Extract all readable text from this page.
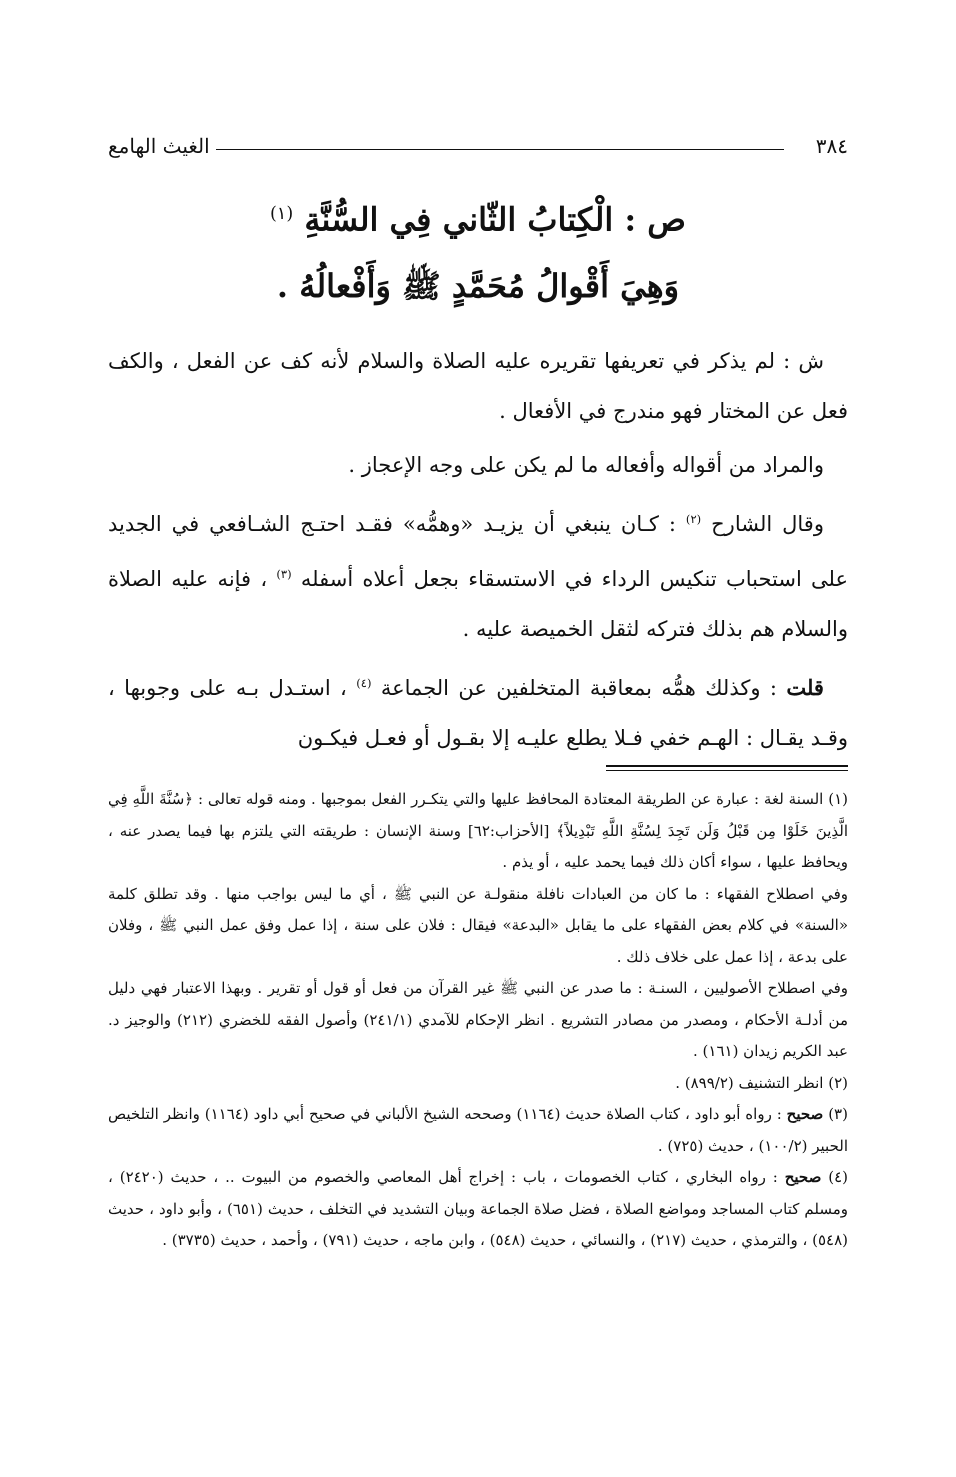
٣٨٤
الغيث الهامع
ص : الْكِتابُ الثّاني فِي السُّنَّةِ $^{(١)}$
وَهِيَ أَقْوالُ مُحَمَّدٍ ﷺ وَأَفْعالُهُ .

ش : لم يذكر في تعريفها تقريره عليه الصلاة والسلام لأنه كف عن الفعل ، والكف فعل عن المختار فهو مندرج في الأفعال .

والمراد من أقواله وأفعاله ما لم يكن على وجه الإعجاز .

وقال الشارح $^{(٢)}$ : كـان ينبغي أن يزيـد «وهمُّه» فقـد احتـج الشـافعي في الجديد على استحباب تنكيس الرداء في الاستسقاء بجعل أعلاه أسفله $^{(٣)}$ ، فإنه عليه الصلاة والسلام هم بذلك فتركه لثقل الخميصة عليه .

قلت : وكذلك همُّه بمعاقبة المتخلفين عن الجماعة $^{(٤)}$ ، استـدل بـه على وجوبها ، وقـد يقـال : الهـم خفي فـلا يطلع عليـه إلا بقـول أو فعـل فيكـون

(١) السنة لغة : عبارة عن الطريقة المعتادة المحافظ عليها والتي يتكـرر الفعل بموجبها . ومنه قوله تعالى : ﴿سُنَّةَ اللَّهِ فِي الَّذِينَ خَلَوْا مِن قَبْلُ وَلَن تَجِدَ لِسُنَّةِ اللَّهِ تَبْدِيلاً﴾ [الأحزاب:٦٢] وسنة الإنسان : طريقته التي يلتزم بها فيما يصدر عنه ، ويحافظ عليها ، سواء أكان ذلك فيما يحمد عليه ، أو يذم .

وفي اصطلاح الفقهاء : ما كان من العبادات نافلة منقولـة عن النبي ﷺ ، أي ما ليس بواجب منها . وقد تطلق كلمة «السنة» في كلام بعض الفقهاء على ما يقابل «البدعة» فيقال : فلان على سنة ، إذا عمل وفق عمل النبي ﷺ ، وفلان على بدعة ، إذا عمل على خلاف ذلك .

وفي اصطلاح الأصوليين ، السنـة : ما صدر عن النبي ﷺ غير القرآن من فعل أو قول أو تقرير . وبهذا الاعتبار فهي دليل من أدلـة الأحكام ، ومصدر من مصادر التشريع . انظر الإحكام للآمدي (٢٤١/١) وأصول الفقه للخضري (٢١٢) والوجيز د. عبد الكريم زيدان (١٦١) .

(٢) انظر التشنيف (٨٩٩/٢) .

(٣) صحيح : رواه أبو داود ، كتاب الصلاة حديث (١١٦٤) وصححه الشيخ الألباني في صحيح أبي داود (١١٦٤) وانظر التلخيص الحبير (١٠٠/٢) ، حديث (٧٢٥) .

(٤) صحيح : رواه البخاري ، كتاب الخصومات ، باب : إخراج أهل المعاصي والخصوم من البيوت .. ، حديث (٢٤٢٠) ، ومسلم كتاب المساجد ومواضع الصلاة ، فضل صلاة الجماعة وبيان التشديد في التخلف ، حديث (٦٥١) ، وأبو داود ، حديث (٥٤٨) ، والترمذي ، حديث (٢١٧) ، والنسائي ، حديث (٥٤٨) ، وابن ماجه ، حديث (٧٩١) ، وأحمد ، حديث (٣٧٣٥) .
